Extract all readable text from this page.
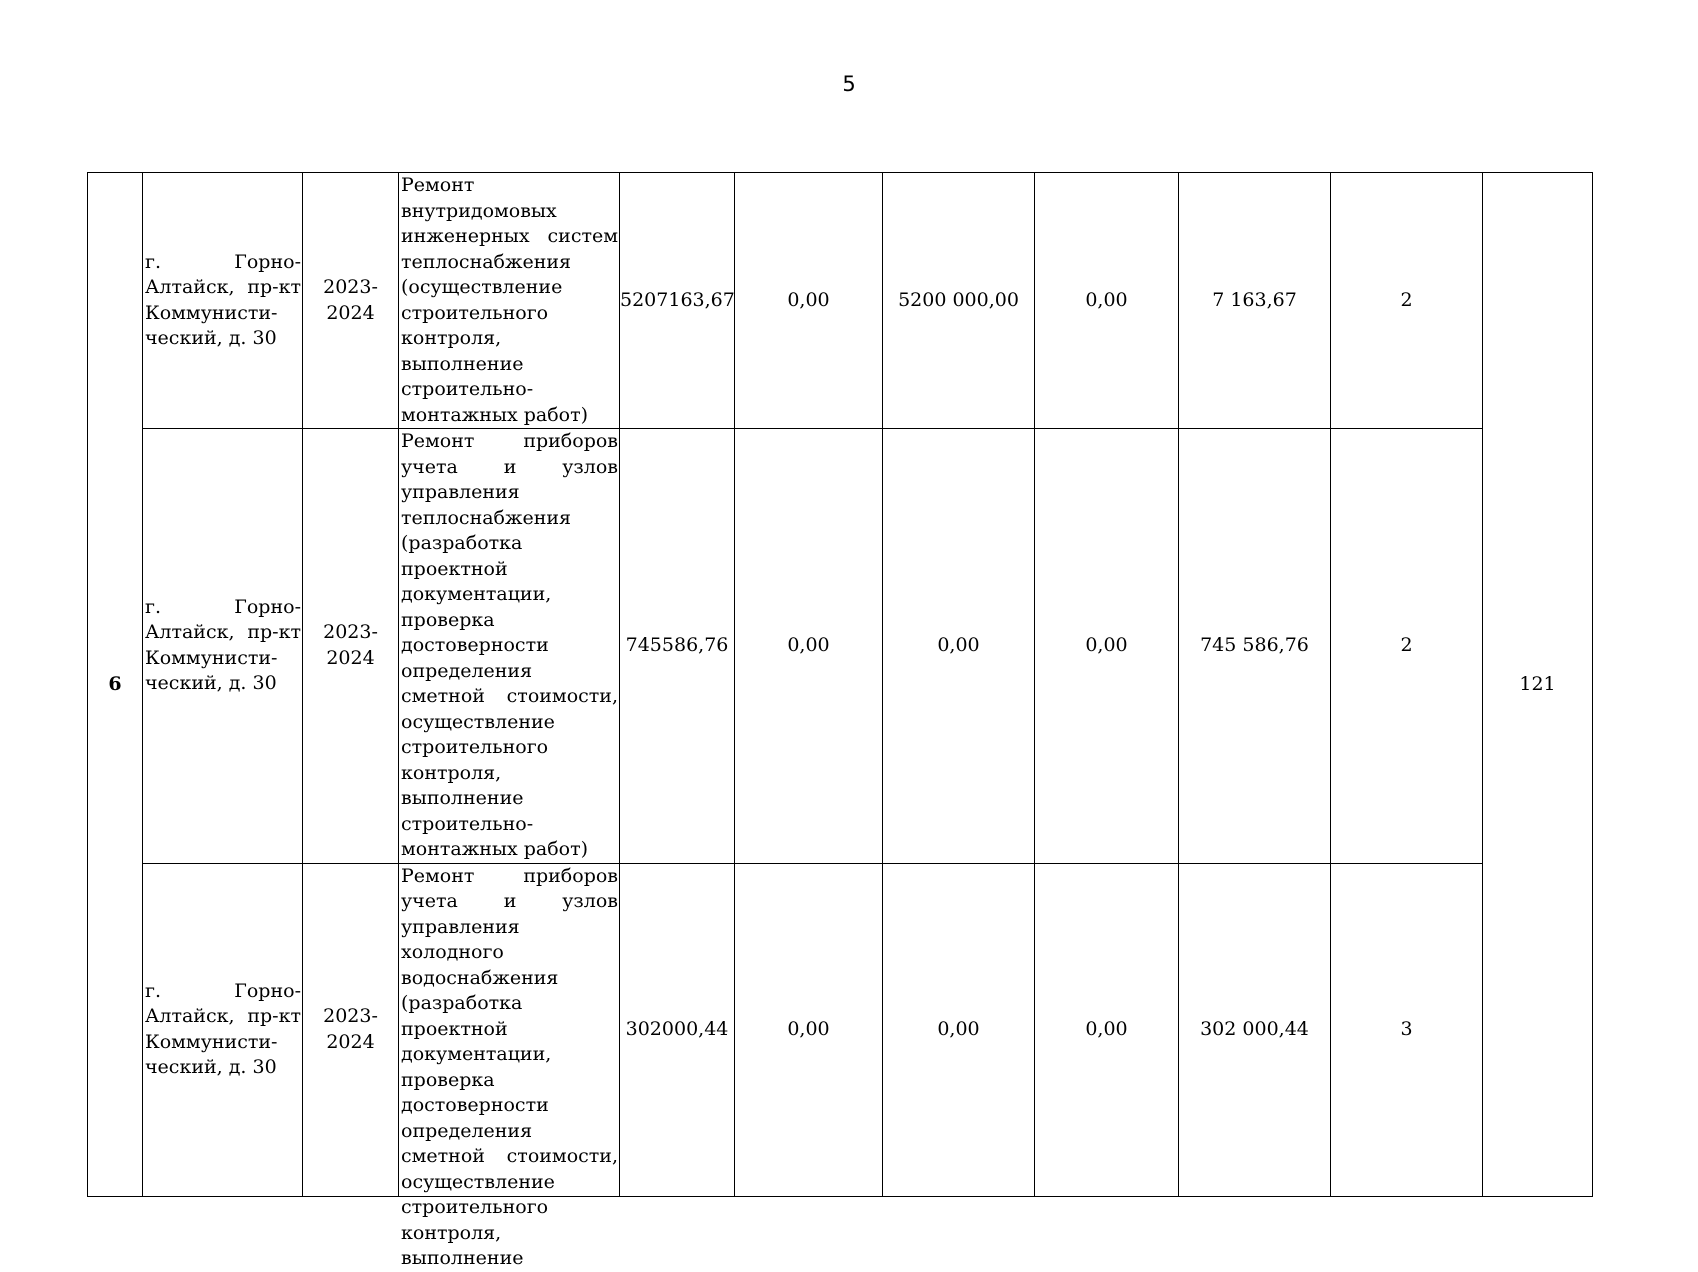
5
6	г. Горно-Алтайск, пр-кт Коммунисти-ческий, д. 30	2023-2024	Ремонт внутридомовых инженерных систем теплоснабжения (осуществление строительного контроля, выполнение строительно-монтажных работ)	5207163,67	0,00	5200 000,00	0,00	7 163,67	2	121
	г. Горно-Алтайск, пр-кт Коммунисти-ческий, д. 30	2023-2024	Ремонт приборов учета и узлов управления теплоснабжения (разработка проектной документации, проверка достоверности определения сметной стоимости, осуществление строительного контроля, выполнение строительно-монтажных работ)	745586,76	0,00	0,00	0,00	745 586,76	2	
	г. Горно-Алтайск, пр-кт Коммунисти-ческий, д. 30	2023-2024	Ремонт приборов учета и узлов управления холодного водоснабжения (разработка проектной документации, проверка достоверности определения сметной стоимости, осуществление строительного контроля, выполнение	302000,44	0,00	0,00	0,00	302 000,44	3	
